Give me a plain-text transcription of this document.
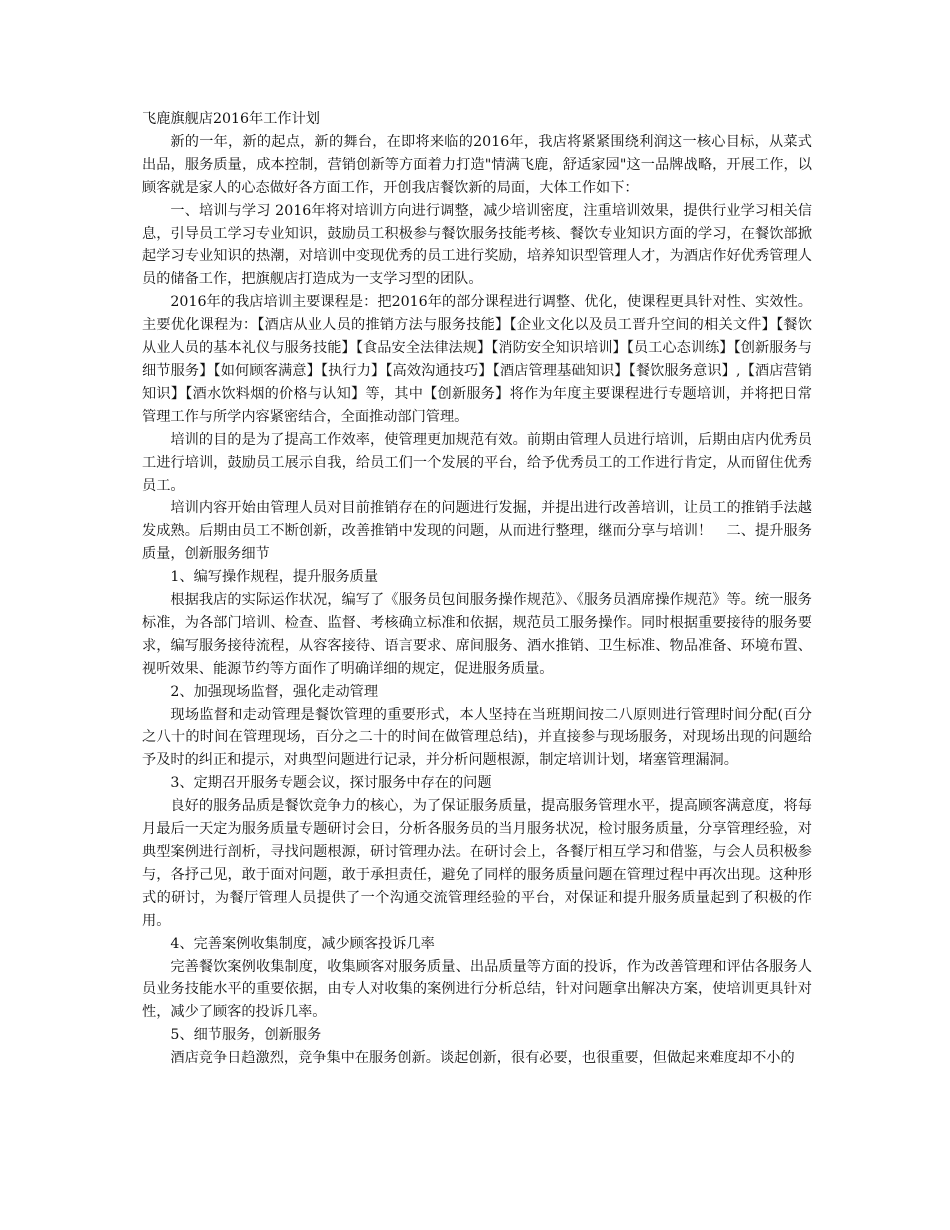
飞鹿旗舰店2016年工作计划

新的一年，新的起点，新的舞台，在即将来临的2016年，我店将紧紧围绕利润这一核心目标，从菜式出品，服务质量，成本控制，营销创新等方面着力打造"情满飞鹿，舒适家园"这一品牌战略，开展工作，以顾客就是家人的心态做好各方面工作，开创我店餐饮新的局面，大体工作如下：

一、培训与学习 2016年将对培训方向进行调整，减少培训密度，注重培训效果，提供行业学习相关信息，引导员工学习专业知识，鼓励员工积极参与餐饮服务技能考核、餐饮专业知识方面的学习，在餐饮部掀起学习专业知识的热潮，对培训中变现优秀的员工进行奖励，培养知识型管理人才，为酒店作好优秀管理人员的储备工作，把旗舰店打造成为一支学习型的团队。

2016年的我店培训主要课程是：把2016年的部分课程进行调整、优化，使课程更具针对性、实效性。主要优化课程为：【酒店从业人员的推销方法与服务技能】【企业文化以及员工晋升空间的相关文件】【餐饮从业人员的基本礼仪与服务技能】【食品安全法律法规】【消防安全知识培训】【员工心态训练】【创新服务与细节服务】【如何顾客满意】【执行力】【高效沟通技巧】【酒店管理基础知识】【餐饮服务意识】,【酒店营销知识】【酒水饮料烟的价格与认知】等，其中【创新服务】将作为年度主要课程进行专题培训，并将把日常管理工作与所学内容紧密结合，全面推动部门管理。

培训的目的是为了提高工作效率，使管理更加规范有效。前期由管理人员进行培训，后期由店内优秀员工进行培训，鼓励员工展示自我，给员工们一个发展的平台，给予优秀员工的工作进行肯定，从而留住优秀员工。

培训内容开始由管理人员对目前推销存在的问题进行发掘，并提出进行改善培训，让员工的推销手法越发成熟。后期由员工不断创新，改善推销中发现的问题，从而进行整理，继而分享与培训！　二、提升服务质量，创新服务细节

1、编写操作规程，提升服务质量

根据我店的实际运作状况，编写了《服务员包间服务操作规范》、《服务员酒席操作规范》等。统一服务标准，为各部门培训、检查、监督、考核确立标准和依据，规范员工服务操作。同时根据重要接待的服务要求，编写服务接待流程，从容客接待、语言要求、席间服务、酒水推销、卫生标准、物品准备、环境布置、视听效果、能源节约等方面作了明确详细的规定，促进服务质量。

2、加强现场监督，强化走动管理

现场监督和走动管理是餐饮管理的重要形式，本人坚持在当班期间按二八原则进行管理时间分配(百分之八十的时间在管理现场，百分之二十的时间在做管理总结)，并直接参与现场服务，对现场出现的问题给予及时的纠正和提示，对典型问题进行记录，并分析问题根源，制定培训计划，堵塞管理漏洞。

3、定期召开服务专题会议，探讨服务中存在的问题

良好的服务品质是餐饮竞争力的核心，为了保证服务质量，提高服务管理水平，提高顾客满意度，将每月最后一天定为服务质量专题研讨会日，分析各服务员的当月服务状况，检讨服务质量，分享管理经验，对典型案例进行剖析，寻找问题根源，研讨管理办法。在研讨会上，各餐厅相互学习和借鉴，与会人员积极参与，各抒己见，敢于面对问题，敢于承担责任，避免了同样的服务质量问题在管理过程中再次出现。这种形式的研讨，为餐厅管理人员提供了一个沟通交流管理经验的平台，对保证和提升服务质量起到了积极的作用。

4、完善案例收集制度，减少顾客投诉几率

完善餐饮案例收集制度，收集顾客对服务质量、出品质量等方面的投诉，作为改善管理和评估各服务人员业务技能水平的重要依据，由专人对收集的案例进行分析总结，针对问题拿出解决方案，使培训更具针对性，减少了顾客的投诉几率。

5、细节服务，创新服务

酒店竞争日趋激烈，竞争集中在服务创新。谈起创新，很有必要，也很重要，但做起来难度却不小的
